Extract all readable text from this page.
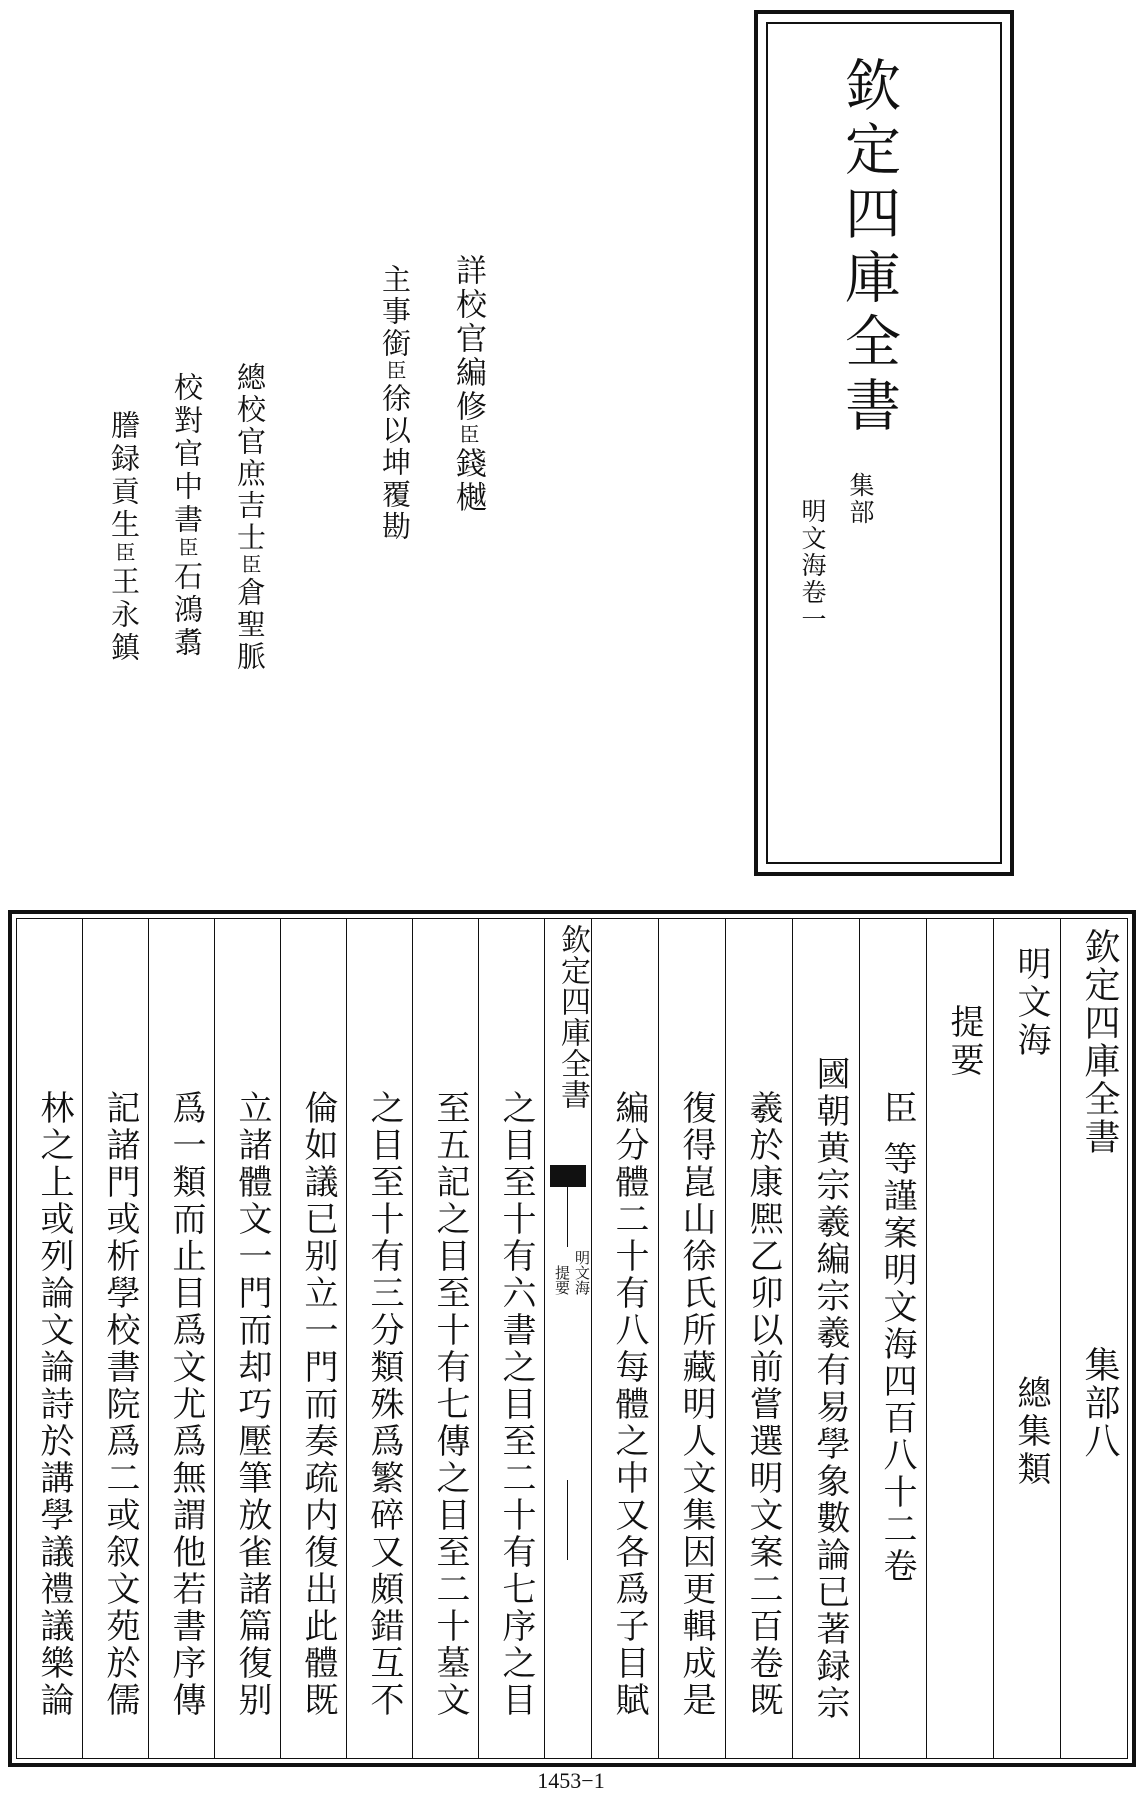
欽定四庫全書
集部
明文海卷一
詳校官編修臣錢樾
主事銜臣徐以坤覆勘
總校官庶吉士臣倉聖脈
校對官中書臣石鴻翥
謄録貢生臣王永鎮
欽定四庫全書
集部八
明文海
總集類
提要
臣等謹案明文海四百八十二卷
國朝黄宗羲編宗羲有易學象數論已著録宗
羲於康熈乙卯以前嘗選明文案二百卷既
復得崑山徐氏所藏明人文集因更輯成是
編分體二十有八每體之中又各爲子目賦
欽定四庫全書
明文海
提要
之目至十有六書之目至二十有七序之目
至五記之目至十有七傳之目至二十墓文
之目至十有三分類殊爲繁碎又頗錯互不
倫如議已别立一門而奏疏内復出此體既
立諸體文一門而却巧壓筆放雀諸篇復别
爲一類而止目爲文尤爲無謂他若書序傳
記諸門或析學校書院爲二或叙文苑於儒
林之上或列論文論詩於講學議禮議樂論
1453−1
